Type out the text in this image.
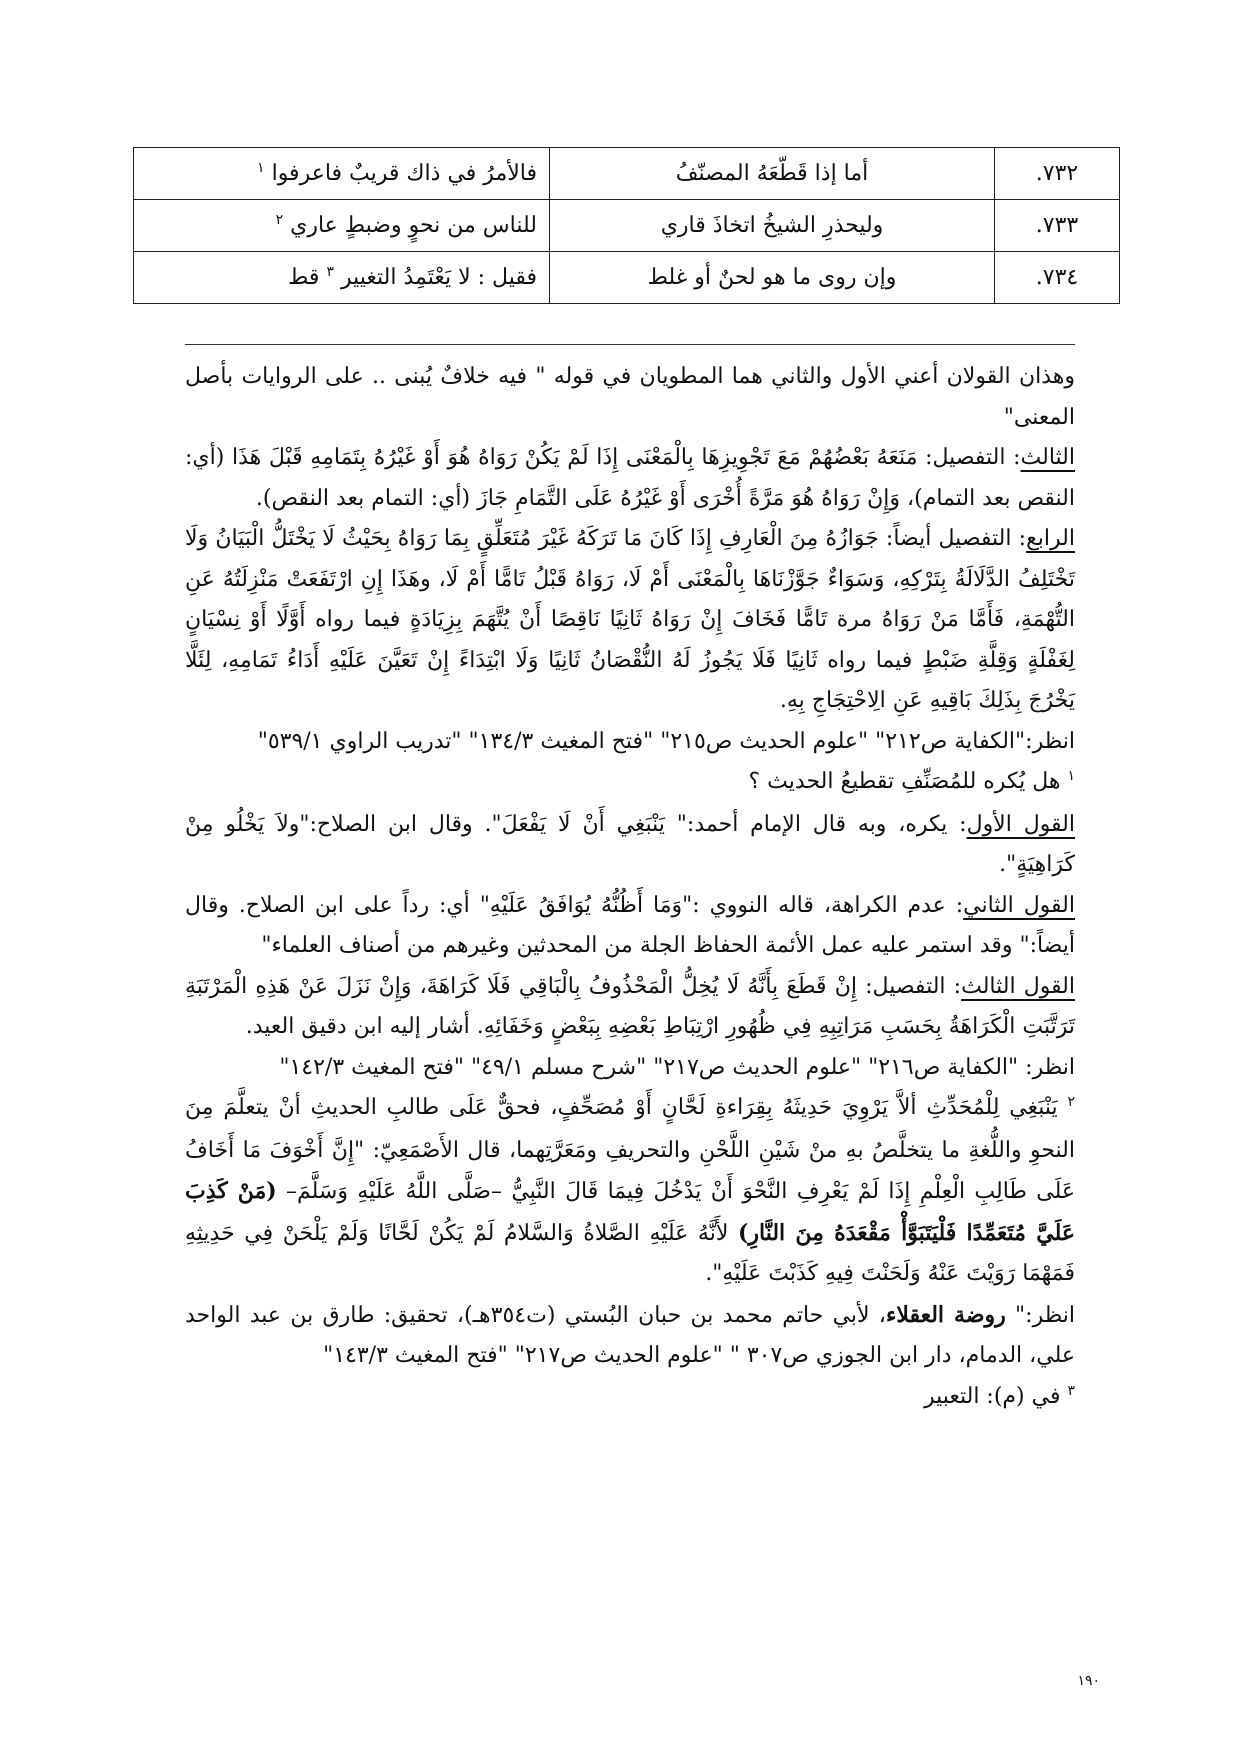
٧٣٢.	أما إذا قَطّعَهُ المصنّفُ	فالأمرُ في ذاك قريبٌ فاعرفوا $^١$
٧٣٣.	وليحذرِ الشيخُ اتخاذَ قاري	للناس من نحوٍ وضبطٍ عاري $^٢$
٧٣٤.	وإن روى ما هو لحنٌ أو غلط	فقيل : لا يَعْتَمِدُ التغيير $^٣$ قط

وهذان القولان أعني الأول والثاني هما المطويان في قوله " فيه خلافٌ يُبنى .. على الروايات بأصل المعنى"

الثالث: التفصيل: مَنَعَهُ بَعْضُهُمْ مَعَ تَجْوِيزِهَا بِالْمَعْنَى إِذَا لَمْ يَكُنْ رَوَاهُ هُوَ أَوْ غَيْرُهُ بِتَمَامِهِ قَبْلَ هَذَا (أي: النقص بعد التمام)، وَإِنْ رَوَاهُ هُوَ مَرَّةً أُخْرَى أَوْ غَيْرُهُ عَلَى التَّمَامِ جَازَ (أي: التمام بعد النقص).

الرابع: التفصيل أيضاً: جَوَازُهُ مِنَ الْعَارِفِ إِذَا كَانَ مَا تَرَكَهُ غَيْرَ مُتَعَلِّقٍ بِمَا رَوَاهُ بِحَيْثُ لَا يَخْتَلُّ الْبَيَانُ وَلَا تَخْتَلِفُ الدَّلَالَةُ بِتَرْكِهِ، وَسَوَاءٌ جَوَّزْنَاهَا بِالْمَعْنَى أَمْ لَا، رَوَاهُ قَبْلُ تَامًّا أَمْ لَا، وهَذَا إِنِ ارْتَفَعَتْ مَنْزِلَتُهُ عَنِ التُّهْمَةِ، فَأَمَّا مَنْ رَوَاهُ مرة تَامًّا فَخَافَ إِنْ رَوَاهُ ثَانِيًا نَاقِصًا أَنْ يُتَّهَمَ بِزِيَادَةٍ فيما رواه أَوَّلًا أَوْ نِسْيَانٍ لِغَفْلَةٍ وَقِلَّةِ ضَبْطٍ فيما رواه ثَانِيًا فَلَا يَجُوزُ لَهُ النُّقْصَانُ ثَانِيًا وَلَا ابْتِدَاءً إِنْ تَعَيَّنَ عَلَيْهِ أَدَاءُ تَمَامِهِ، لِئَلَّا يَخْرُجَ بِذَلِكَ بَاقِيهِ عَنِ الِاحْتِجَاجِ بِهِ.

انظر:"الكفاية ص٢١٢" "علوم الحديث ص٢١٥" "فتح المغيث ١٣٤/٣" "تدريب الراوي ٥٣٩/١"

$^١$ هل يُكره للمُصَنِّفِ تقطيعُ الحديث ؟

القول الأول: يكره، وبه قال الإمام أحمد:" يَنْبَغِي أَنْ لَا يَفْعَلَ". وقال ابن الصلاح:"ولاَ يَخْلُو مِنْ كَرَاهِيَةٍ".

القول الثاني: عدم الكراهة، قاله النووي :"وَمَا أَظُنُّهُ يُوَافَقُ عَلَيْهِ" أي: رداً على ابن الصلاح. وقال أيضاً:" وقد استمر عليه عمل الأئمة الحفاظ الجلة من المحدثين وغيرهم من أصناف العلماء"

القول الثالث: التفصيل: إِنْ قَطَعَ بِأَنَّهُ لَا يُخِلُّ الْمَحْذُوفُ بِالْبَاقِي فَلَا كَرَاهَةَ، وَإِنْ نَزَلَ عَنْ هَذِهِ الْمَرْتَبَةِ تَرَتَّبَتِ الْكَرَاهَةُ بِحَسَبِ مَرَاتِبِهِ فِي ظُهُورِ ارْتِبَاطِ بَعْضِهِ بِبَعْضٍ وَخَفَائِهِ. أشار إليه ابن دقيق العيد.

انظر: "الكفاية ص٢١٦" "علوم الحديث ص٢١٧" "شرح مسلم ٤٩/١" "فتح المغيث ١٤٢/٣"

$^٢$ يَنْبَغِي لِلْمُحَدِّثِ ألاَّ يَرْوِيَ حَدِيثَهُ بِقِرَاءةِ لَحَّانٍ أَوْ مُصَحِّفٍ، فحقٌّ عَلَى طالبِ الحديثِ أنْ يتعلَّمَ مِنَ النحوِ واللُّغةِ ما يتخلَّصُ بهِ منْ شَيْنِ اللَّحْنِ والتحريفِ ومَعَرَّتِهما، قال الأَصْمَعِيّ: "إِنَّ أَخْوَفَ مَا أَخَافُ عَلَى طَالِبِ الْعِلْمِ إِذَا لَمْ يَعْرِفِ النَّحْوَ أَنْ يَدْخُلَ فِيمَا قَالَ النَّبِيُّ –صَلَّى اللَّهُ عَلَيْهِ وَسَلَّمَ– (مَنْ كَذِبَ عَلَيَّ مُتَعَمِّدًا فَلْيَتَبَوَّأْ مَقْعَدَهُ مِنَ النَّارِ) لأَنَّهُ عَلَيْهِ الصَّلاةُ وَالسَّلامُ لَمْ يَكُنْ لَحَّانًا وَلَمْ يَلْحَنْ فِي حَدِيثِهِ فَمَهْمَا رَوَيْتَ عَنْهُ وَلَحَنْتَ فِيهِ كَذَبْتَ عَلَيْهِ".

انظر:" روضة العقلاء، لأبي حاتم محمد بن حبان البُستي (ت٣٥٤هـ)، تحقيق: طارق بن عبد الواحد علي، الدمام، دار ابن الجوزي ص٣٠٧ " "علوم الحديث ص٢١٧" "فتح المغيث ١٤٣/٣"

$^٣$ في (م): التعبير

١٩٠
